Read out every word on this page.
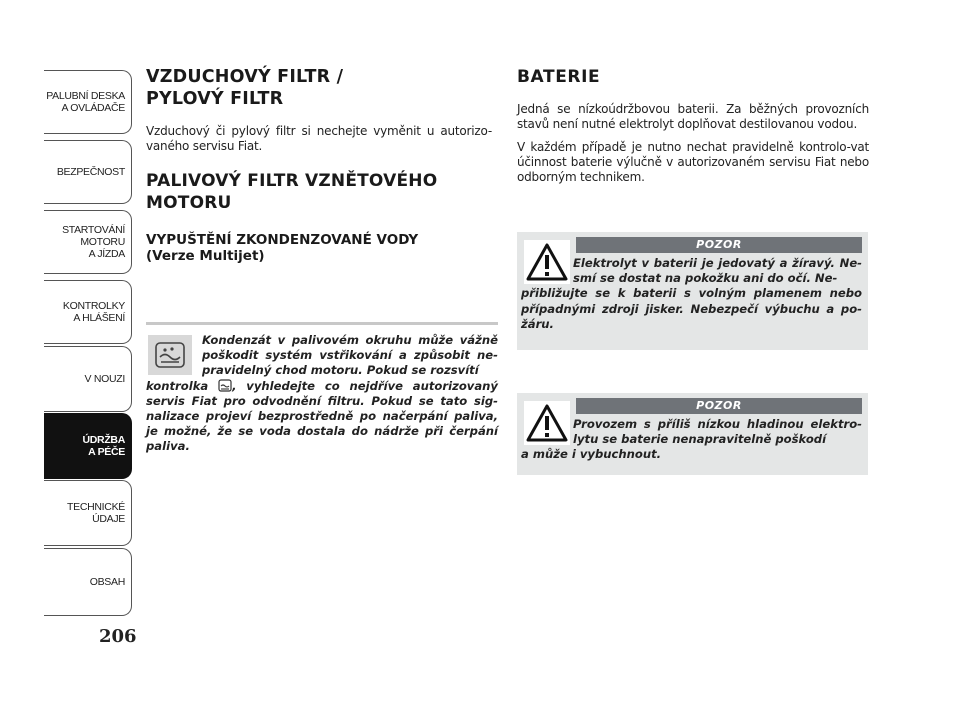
PALUBNÍ DESKA
A OVLÁDAČE
BEZPEČNOST
STARTOVÁNÍ
MOTORU
A JÍZDA
KONTROLKY
A HLÁŠENÍ
V NOUZI
ÚDRŽBA
A PÉČE
TECHNICKÉ
ÚDAJE
OBSAH
206
VZDUCHOVÝ FILTR /
PYLOVÝ FILTR

Vzduchový či pylový filtr si nechejte vyměnit u autorizo-vaného servisu Fiat.

PALIVOVÝ FILTR VZNĚTOVÉHO
MOTORU
VYPUŠTĚNÍ ZKONDENZOVANÉ VODY
(Verze Multijet)

Kondenzát v palivovém okruhu může vážně poškodit systém vstřikování a způsobit ne-pravidelný chod motoru. Pokud se rozsvítí
kontrolka , vyhledejte co nejdříve autorizovaný servis Fiat pro odvodnění filtru. Pokud se tato sig-nalizace projeví bezprostředně po načerpání paliva, je možné, že se voda dostala do nádrže při čerpání paliva.

BATERIE

Jedná se nízkoúdržbovou baterii. Za běžných provozních stavů není nutné elektrolyt doplňovat destilovanou vodou.

V každém případě je nutno nechat pravidelně kontrolo-vat účinnost baterie výlučně v autorizovaném servisu Fiat nebo odborným technikem.

POZOR

Elektrolyt v baterii je jedovatý a žíravý. Ne-smí se dostat na pokožku ani do očí. Ne-
přibližujte se k baterii s volným plamenem nebo případnými zdroji jisker. Nebezpečí výbuchu a po-žáru.

POZOR

Provozem s příliš nízkou hladinou elektro-lytu se baterie nenapravitelně poškodí
a může i vybuchnout.
